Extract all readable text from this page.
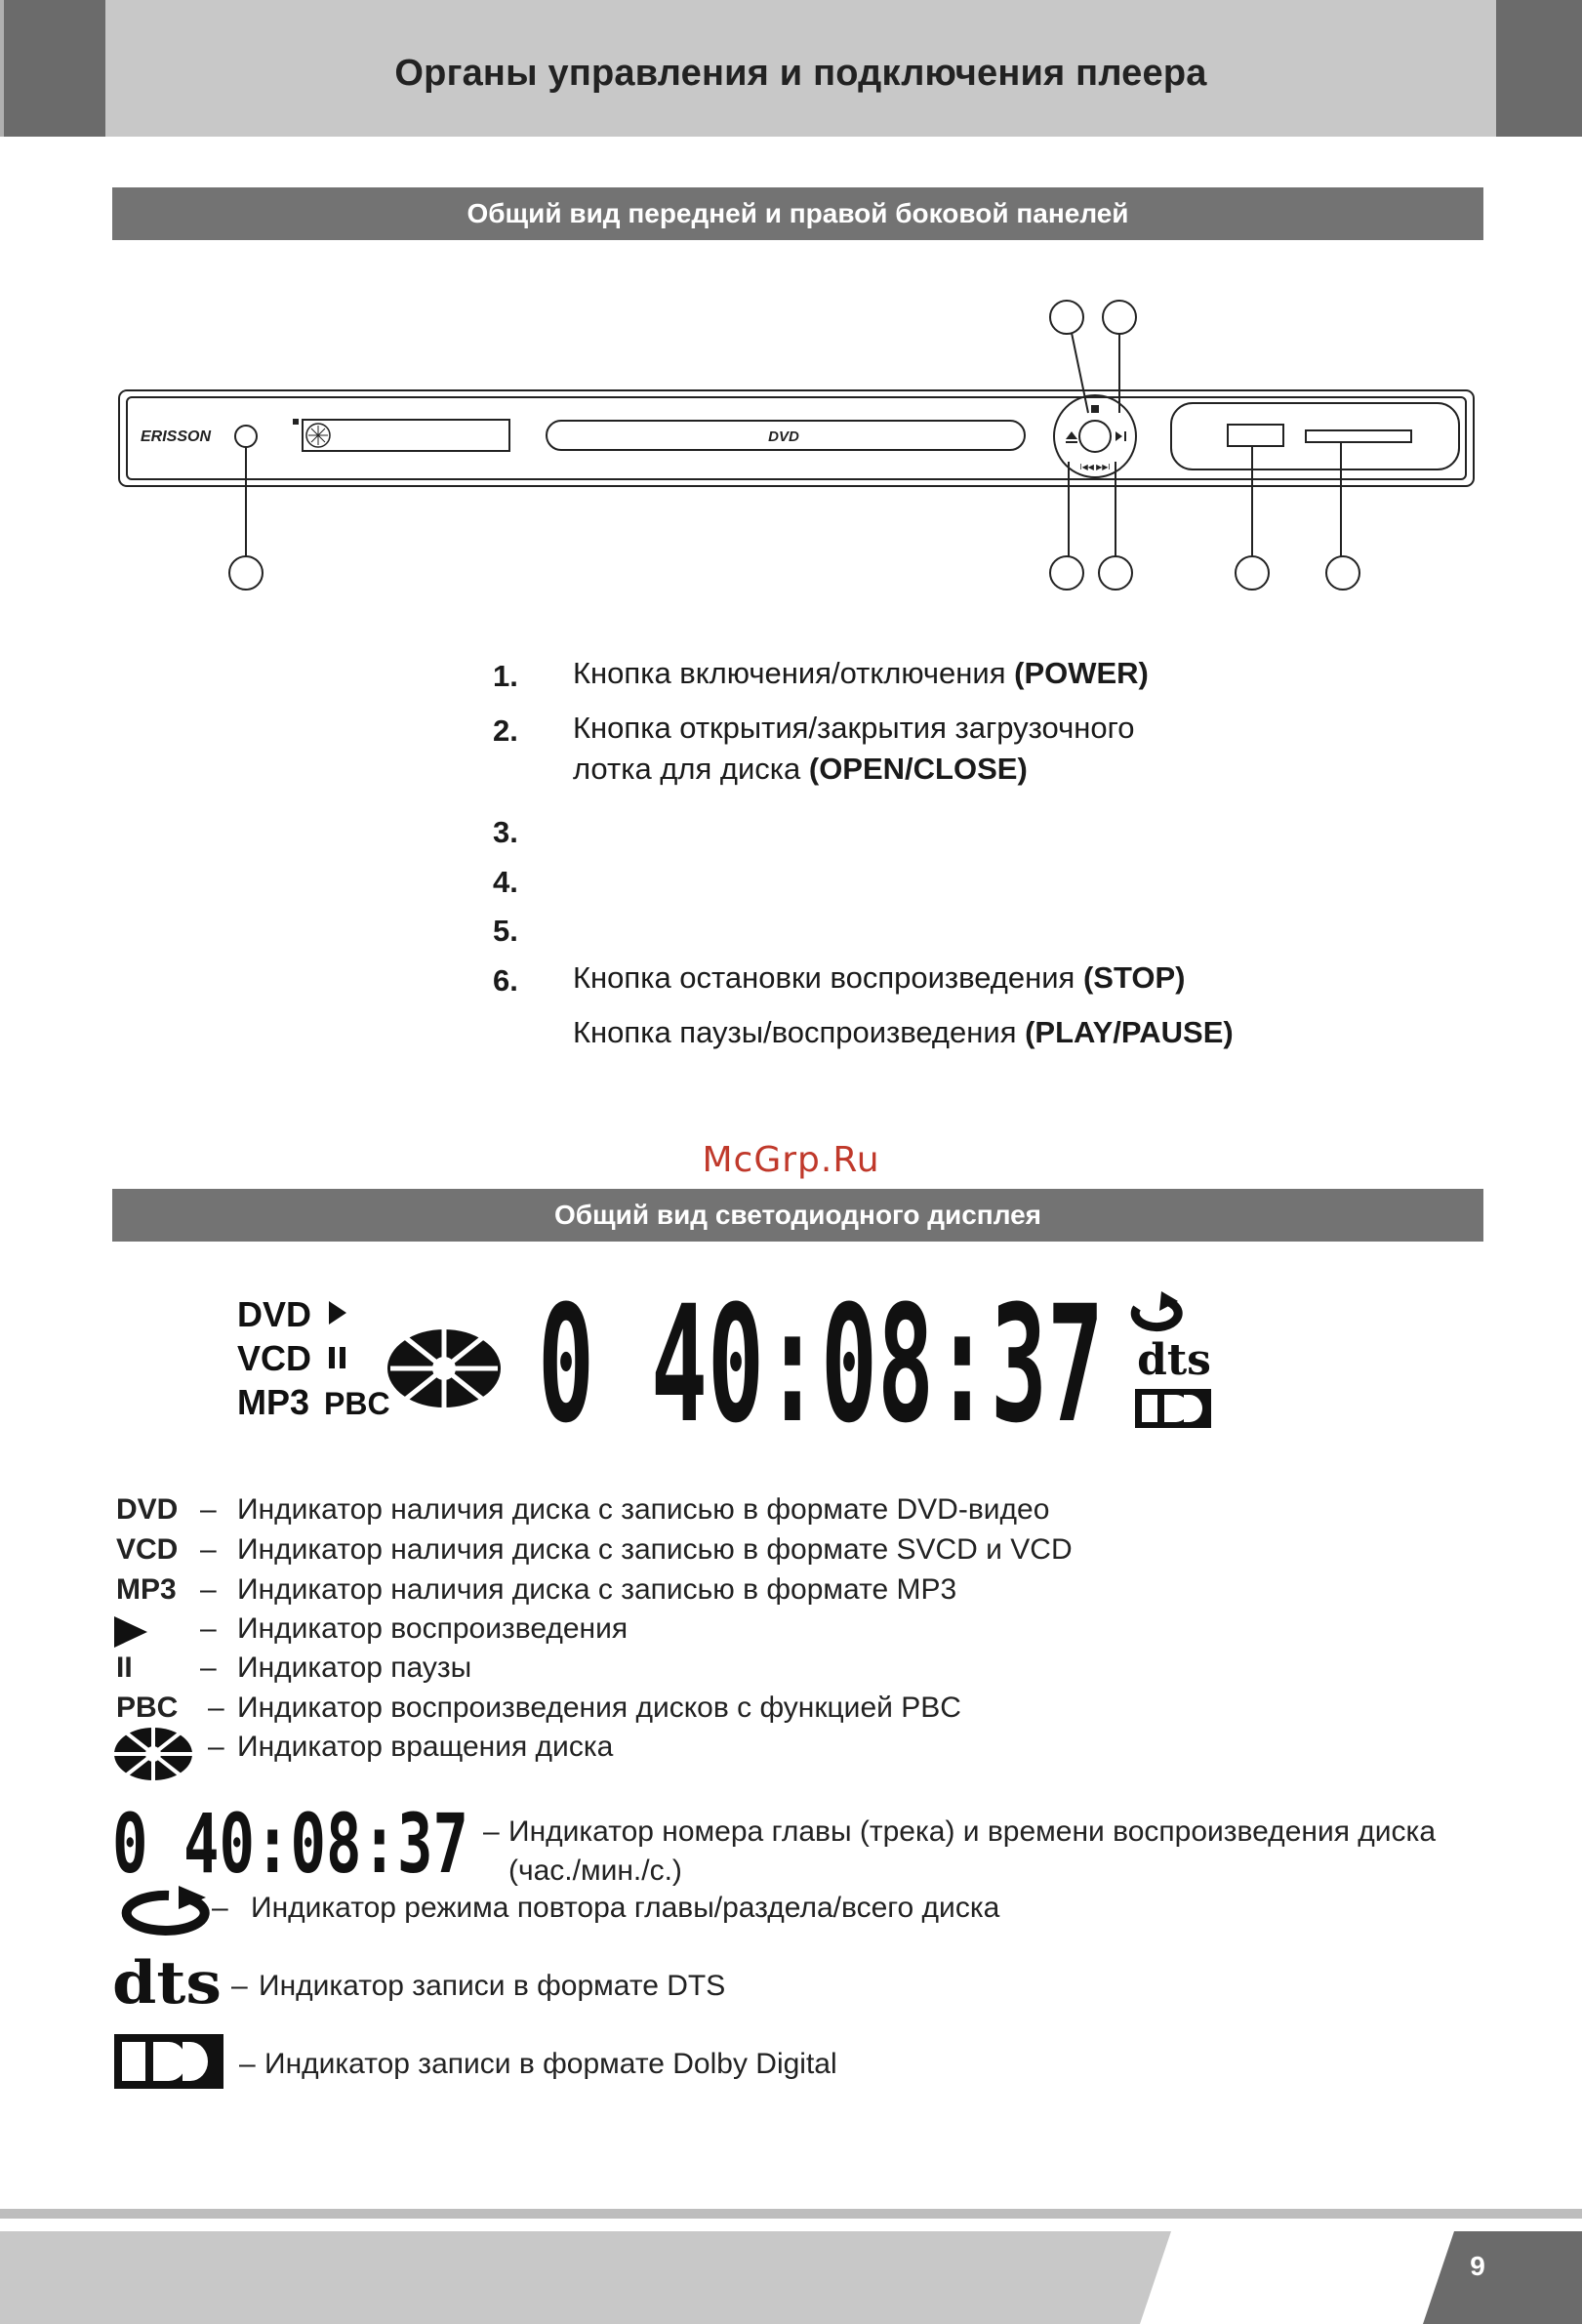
Органы управления и подключения плеера
Общий вид передней и правой боковой панелей
ERISSON	DVD
I◀◀ ▶▶I
1. Кнопка включения/отключения (POWER)
2. Кнопка открытия/закрытия загрузочного лотка для диска (OPEN/CLOSE)
3.
4.
5.
6. Кнопка остановки воспроизведения (STOP)
Кнопка паузы/воспроизведения (PLAY/PAUSE)
McGrp.Ru
Общий вид светодиодного дисплея
DVD
VCD
MP3 PBC 0 40:08:37 dts
DVD – Индикатор наличия диска с записью в формате DVD-видео
VCD – Индикатор наличия диска с записью в формате SVCD и VCD
MP3 – Индикатор наличия диска с записью в формате MP3
– Индикатор воспроизведения
II – Индикатор паузы
PBC – Индикатор воспроизведения дисков с функцией PBC
– Индикатор вращения диска
0 40:08:37 – Индикатор номера главы (трека) и времени воспроизведения диска
(час./мин./с.)
– Индикатор режима повтора главы/раздела/всего диска
dts – Индикатор записи в формате DTS
– Индикатор записи в формате Dolby Digital
9
